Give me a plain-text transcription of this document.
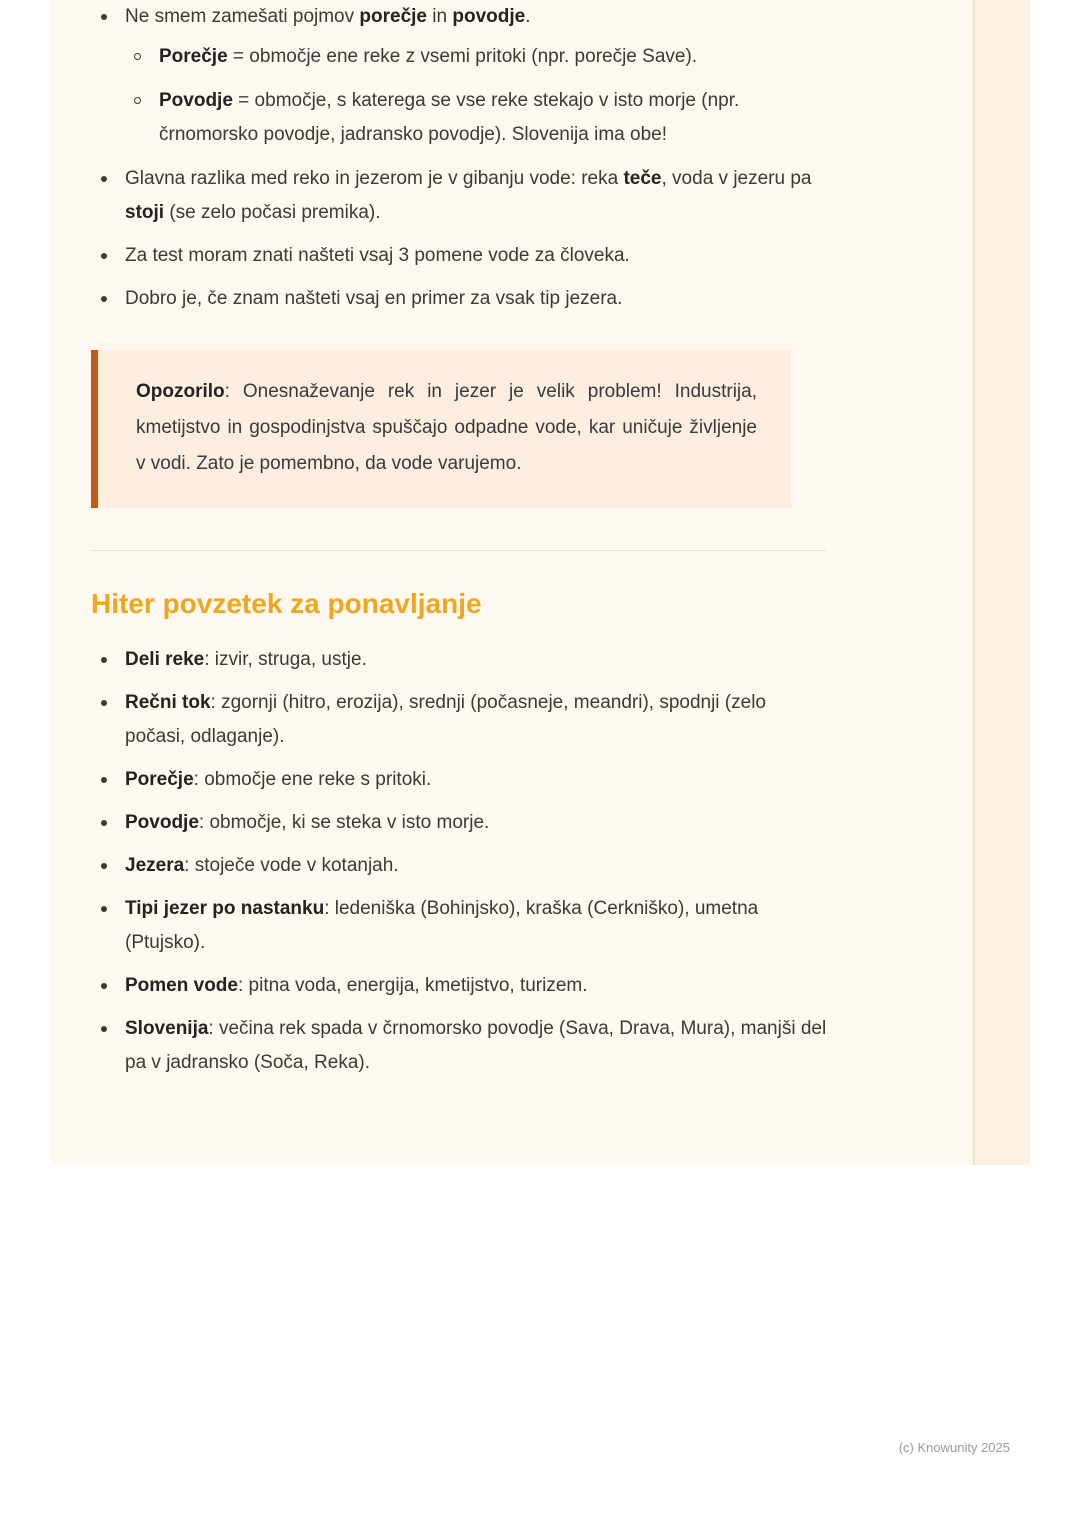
Ne smem zamešati pojmov porečje in povodje.
Porečje = območje ene reke z vsemi pritoki (npr. porečje Save).
Povodje = območje, s katerega se vse reke stekajo v isto morje (npr. črnomorsko povodje, jadransko povodje). Slovenija ima obe!
Glavna razlika med reko in jezerom je v gibanju vode: reka teče, voda v jezeru pa stoji (se zelo počasi premika).
Za test moram znati našteti vsaj 3 pomene vode za človeka.
Dobro je, če znam našteti vsaj en primer za vsak tip jezera.

Opozorilo: Onesnaževanje rek in jezer je velik problem! Industrija, kmetijstvo in gospodinjstva spuščajo odpadne vode, kar uničuje življenje v vodi. Zato je pomembno, da vode varujemo.

Hiter povzetek za ponavljanje
Deli reke: izvir, struga, ustje.
Rečni tok: zgornji (hitro, erozija), srednji (počasneje, meandri), spodnji (zelo počasi, odlaganje).
Porečje: območje ene reke s pritoki.
Povodje: območje, ki se steka v isto morje.
Jezera: stoječe vode v kotanjah.
Tipi jezer po nastanku: ledeniška (Bohinjsko), kraška (Cerkniško), umetna (Ptujsko).
Pomen vode: pitna voda, energija, kmetijstvo, turizem.
Slovenija: večina rek spada v črnomorsko povodje (Sava, Drava, Mura), manjši del pa v jadransko (Soča, Reka).
(c) Knowunity 2025
